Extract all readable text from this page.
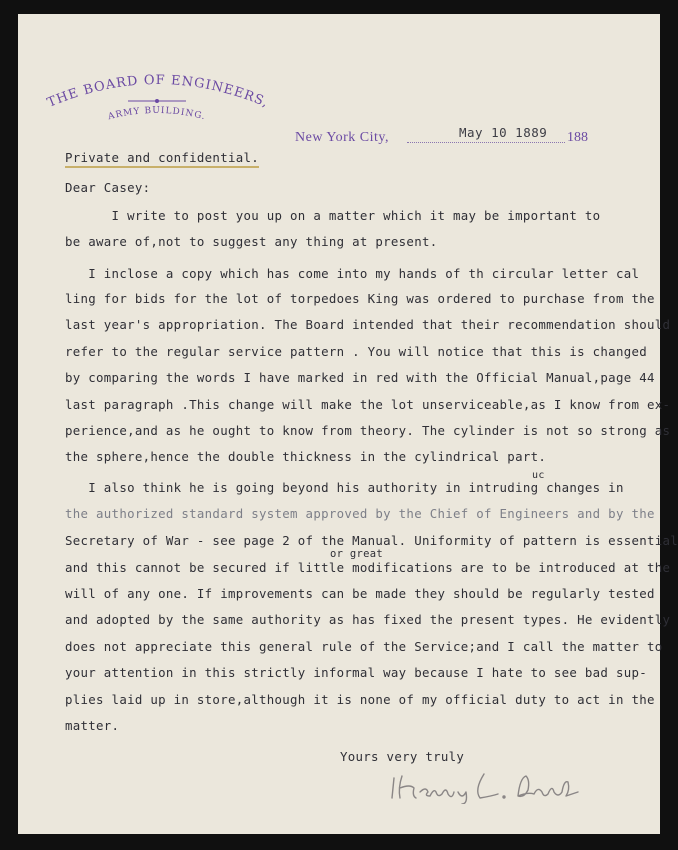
THE BOARD OF ENGINEERS,
ARMY BUILDING.
New York City,	May 10 1889 188
Private and confidential.
Dear Casey:
I write to post you up on a matter which it may be important to
be aware of,not to suggest any thing at present.
I inclose a copy which has come into my hands of th circular letter cal
ling for bids for the lot of torpedoes King was ordered to purchase from the
last year's appropriation. The Board intended that their recommendation should
refer to the regular service pattern . You will notice that this is changed
by comparing the words I have marked in red with the Official Manual,page 44
last paragraph .This change will make the lot unserviceable,as I know from ex-
perience,and as he ought to know from theory. The cylinder is not so strong as
the sphere,hence the double thickness in the cylindrical part.
uc
I also think he is going beyond his authority in intruding changes in
the authorized standard system approved by the Chief of Engineers and by the
Secretary of War - see page 2 of the Manual. Uniformity of pattern is essential
or great
and this cannot be secured if little modifications are to be introduced at the
will of any one. If improvements can be made they should be regularly tested
and adopted by the same authority as has fixed the present types. He evidently
does not appreciate this general rule of the Service;and I call the matter to
your attention in this strictly informal way because I hate to see bad sup-
plies laid up in store,although it is none of my official duty to act in the
matter.
Yours very truly
